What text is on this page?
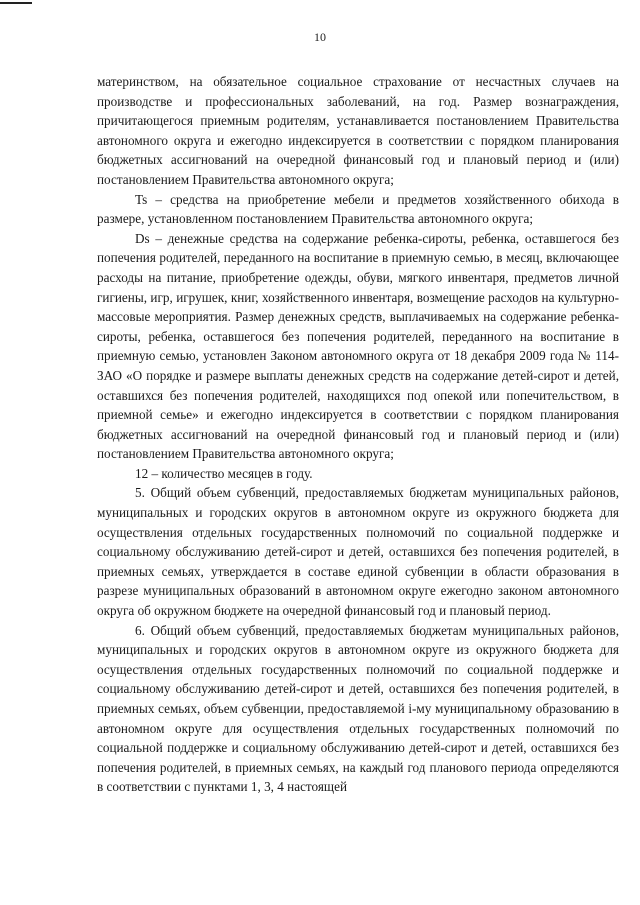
10

материнством, на обязательное социальное страхование от несчастных случаев на производстве и профессиональных заболеваний, на год. Размер вознаграждения, причитающегося приемным родителям, устанавливается постановлением Правительства автономного округа и ежегодно индексируется в соответствии с порядком планирования бюджетных ассигнований на очередной финансовый год и плановый период и (или) постановлением Правительства автономного округа;

Ts – средства на приобретение мебели и предметов хозяйственного обихода в размере, установленном постановлением Правительства автономного округа;

Ds – денежные средства на содержание ребенка-сироты, ребенка, оставшегося без попечения родителей, переданного на воспитание в приемную семью, в месяц, включающее расходы на питание, приобретение одежды, обуви, мягкого инвентаря, предметов личной гигиены, игр, игрушек, книг, хозяйственного инвентаря, возмещение расходов на культурно-массовые мероприятия. Размер денежных средств, выплачиваемых на содержание ребенка-сироты, ребенка, оставшегося без попечения родителей, переданного на воспитание в приемную семью, установлен Законом автономного округа от 18 декабря 2009 года № 114-ЗАО «О порядке и размере выплаты денежных средств на содержание детей-сирот и детей, оставшихся без попечения родителей, находящихся под опекой или попечительством, в приемной семье» и ежегодно индексируется в соответствии с порядком планирования бюджетных ассигнований на очередной финансовый год и плановый период и (или) постановлением Правительства автономного округа;

12 – количество месяцев в году.

5. Общий объем субвенций, предоставляемых бюджетам муниципальных районов, муниципальных и городских округов в автономном округе из окружного бюджета для осуществления отдельных государственных полномочий по социальной поддержке и социальному обслуживанию детей-сирот и детей, оставшихся без попечения родителей, в приемных семьях, утверждается в составе единой субвенции в области образования в разрезе муниципальных образований в автономном округе ежегодно законом автономного округа об окружном бюджете на очередной финансовый год и плановый период.

6. Общий объем субвенций, предоставляемых бюджетам муниципальных районов, муниципальных и городских округов в автономном округе из окружного бюджета для осуществления отдельных государственных полномочий по социальной поддержке и социальному обслуживанию детей-сирот и детей, оставшихся без попечения родителей, в приемных семьях, объем субвенции, предоставляемой i-му муниципальному образованию в автономном округе для осуществления отдельных государственных полномочий по социальной поддержке и социальному обслуживанию детей-сирот и детей, оставшихся без попечения родителей, в приемных семьях, на каждый год планового периода определяются в соответствии с пунктами 1, 3, 4 настоящей
